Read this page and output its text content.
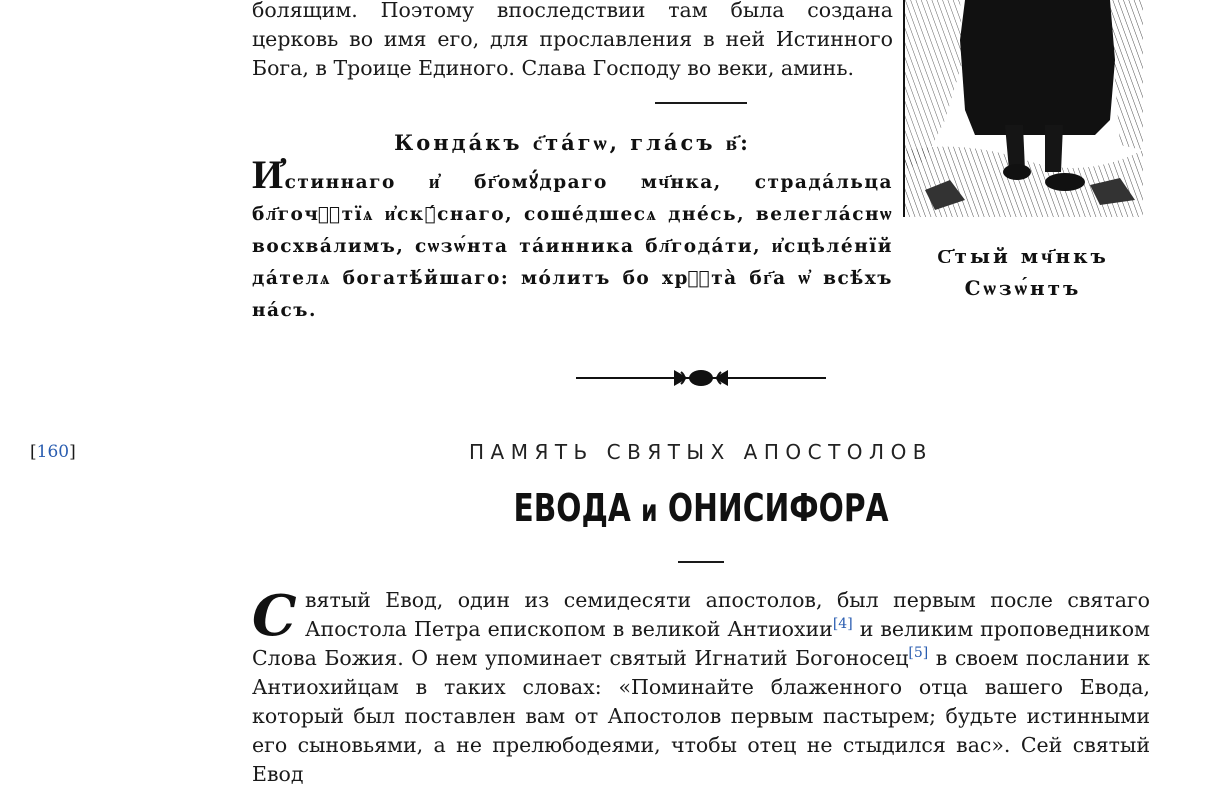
болящим. Поэтому впоследствии там была создана церковь во имя его, для прославления в ней Истинного Бога, в Троице Единого. Слава Господу во веки, аминь.

Кондáкъ с҃тáгѡ, глáсъ в҃:

И҆стиннаго и҆ бг҃омꙋ́драго мч҃нка, страдáльца бл҃гочⷭ҇тїѧ и҆скꙋ́снаго, сошéдшесѧ днéсь, велеглáснѡ восхвáлимъ, сѡзѡ́нта тáинника бл҃годáти, и҆сцѣлéнїй дáтелѧ богатѣ́йшаго: мóлитъ бо хрⷭ҇тà бг҃а ѡ҆ всѣ́хъ нáсъ.

С҃тый мч҃нкъ
Сѡзѡ́нтъ
[160]	ПАМЯТЬ СВЯТЫХ АПОСТОЛОВ
ЕВОДА и ОНИСИФОРА
Святый Евод, один из семидесяти апостолов, был первым после святаго Апостола Петра епископом в великой Антиохии[4] и великим проповедником Слова Божия. О нем упоминает святый Игнатий Богоносец[5] в своем послании к Антиохийцам в таких словах: «Поминайте блаженного отца вашего Евода, который был поставлен вам от Апостолов первым пастырем; будьте истинными его сыновьями, а не прелюбодеями, чтобы отец не стыдился вас». Сей святый Евод
